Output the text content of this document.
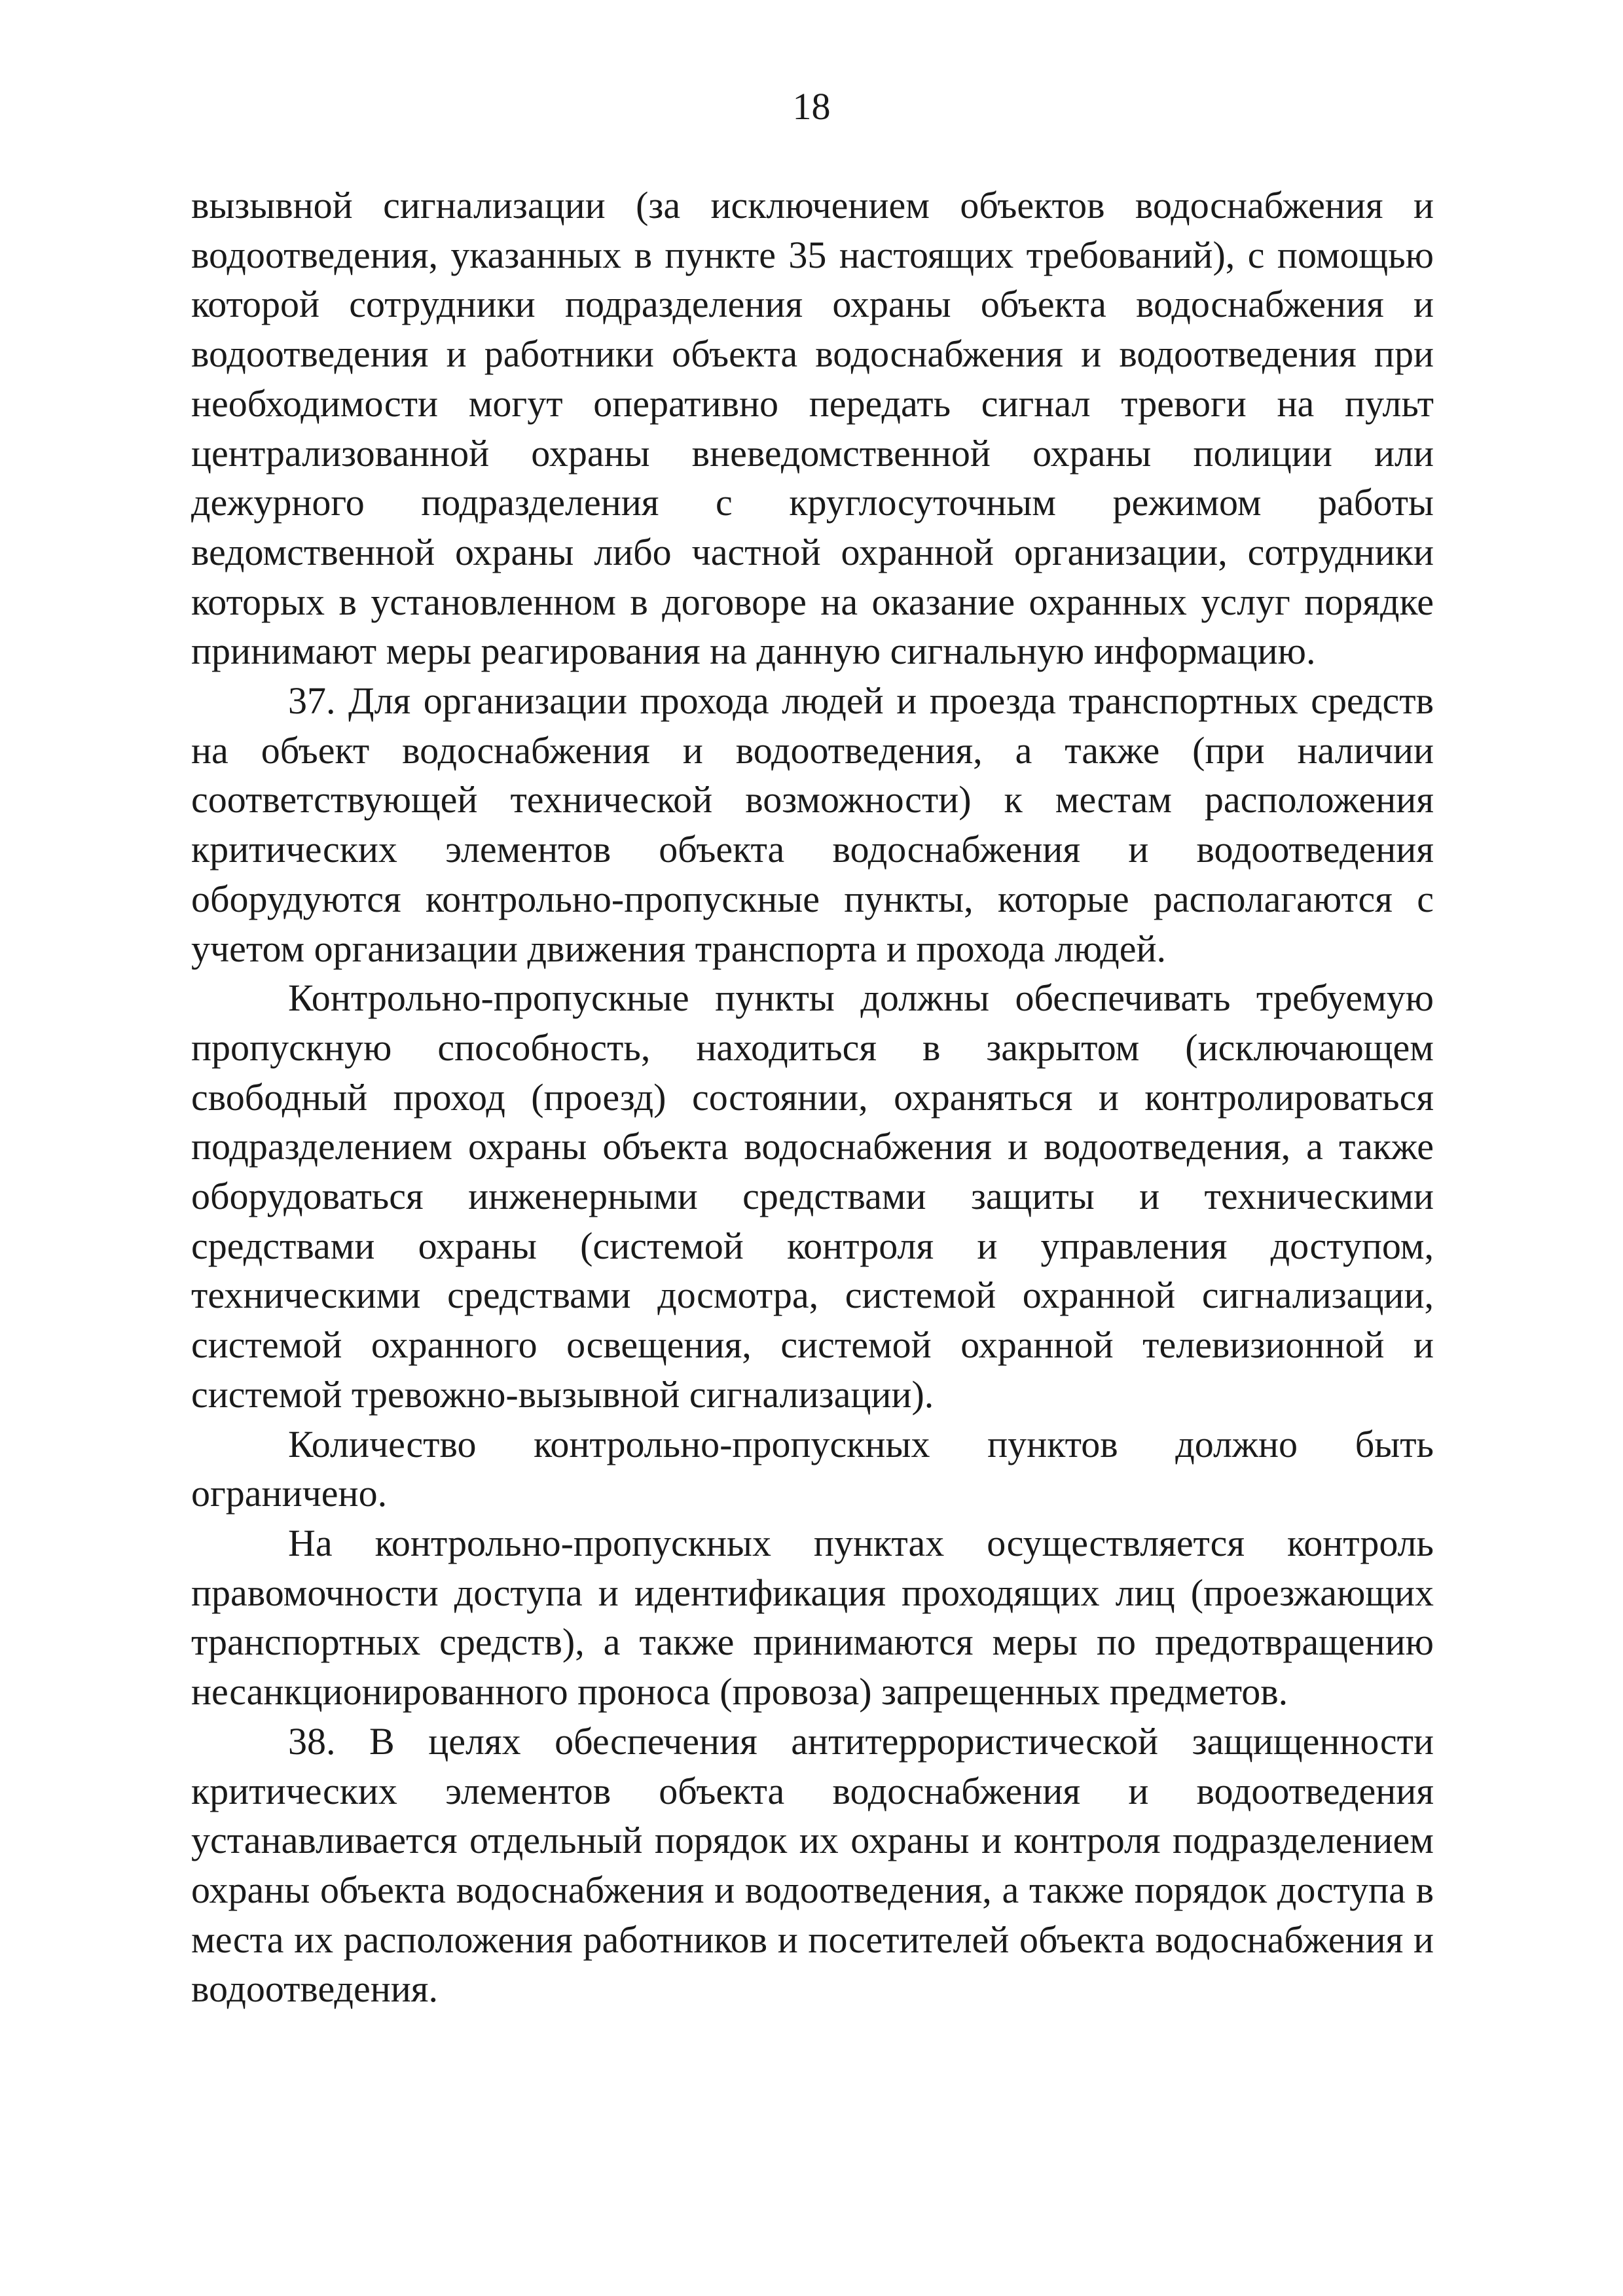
18

вызывной сигнализации (за исключением объектов водоснабжения и водоотведения, указанных в пункте 35 настоящих требований), с помощью которой сотрудники подразделения охраны объекта водоснабжения и водоотведения и работники объекта водоснабжения и водоотведения при необходимости могут оперативно передать сигнал тревоги на пульт централизованной охраны вневедомственной охраны полиции или дежурного подразделения с круглосуточным режимом работы ведомственной охраны либо частной охранной организации, сотрудники которых в установленном в договоре на оказание охранных услуг порядке принимают меры реагирования на данную сигнальную информацию.

37. Для организации прохода людей и проезда транспортных средств на объект водоснабжения и водоотведения, а также (при наличии соответствующей технической возможности) к местам расположения критических элементов объекта водоснабжения и водоотведения оборудуются контрольно-пропускные пункты, которые располагаются с учетом организации движения транспорта и прохода людей.

Контрольно-пропускные пункты должны обеспечивать требуемую пропускную способность, находиться в закрытом (исключающем свободный проход (проезд) состоянии, охраняться и контролироваться подразделением охраны объекта водоснабжения и водоотведения, а также оборудоваться инженерными средствами защиты и техническими средствами охраны (системой контроля и управления доступом, техническими средствами досмотра, системой охранной сигнализации, системой охранного освещения, системой охранной телевизионной и системой тревожно-вызывной сигнализации).

Количество контрольно-пропускных пунктов должно быть ограничено.

На контрольно-пропускных пунктах осуществляется контроль правомочности доступа и идентификация проходящих лиц (проезжающих транспортных средств), а также принимаются меры по предотвращению несанкционированного проноса (провоза) запрещенных предметов.

38. В целях обеспечения антитеррористической защищенности критических элементов объекта водоснабжения и водоотведения устанавливается отдельный порядок их охраны и контроля подразделением охраны объекта водоснабжения и водоотведения, а также порядок доступа в места их расположения работников и посетителей объекта водоснабжения и водоотведения.
